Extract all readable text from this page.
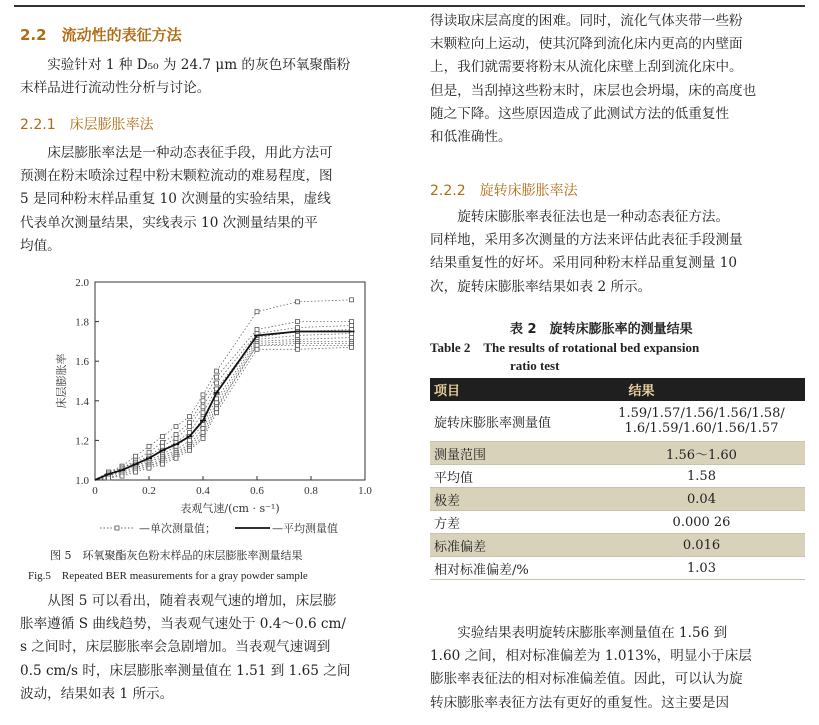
2.2　流动性的表征方法
实验针对 1 种 D₅₀ 为 24.7 μm 的灰色环氧聚酯粉
末样品进行流动性分析与讨论。
2.2.1　床层膨胀率法
床层膨胀率法是一种动态表征手段，用此方法可
预测在粉末喷涂过程中粉末颗粒流动的难易程度，图
5 是同种粉末样品重复 10 次测量的实验结果，虚线
代表单次测量结果，实线表示 10 次测量结果的平
均值。
0	0.2	0.4	0.6	0.8	1.0
1.0
1.2
1.4
1.6
1.8
2.0
表观气速/(cm · s⁻¹)
床层膨胀率
—单次测量值；	—平均测量值
图 5　环氧聚酯灰色粉末样品的床层膨胀率测量结果
Fig.5　Repeated BER measurements for a gray powder sample
从图 5 可以看出，随着表观气速的增加，床层膨
胀率遵循 S 曲线趋势，当表观气速处于 0.4～0.6 cm/
s 之间时，床层膨胀率会急剧增加。当表观气速调到
0.5 cm/s 时，床层膨胀率测量值在 1.51 到 1.65 之间
波动，结果如表 1 所示。
得读取床层高度的困难。同时，流化气体夹带一些粉
末颗粒向上运动，使其沉降到流化床内更高的内壁面
上，我们就需要将粉末从流化床壁上刮到流化床中。
但是，当刮掉这些粉末时，床层也会坍塌，床的高度也
随之下降。这些原因造成了此测试方法的低重复性
和低准确性。
2.2.2　旋转床膨胀率法
旋转床膨胀率表征法也是一种动态表征方法。
同样地，采用多次测量的方法来评估此表征手段测量
结果重复性的好坏。采用同种粉末样品重复测量 10
次，旋转床膨胀率结果如表 2 所示。
表 2　旋转床膨胀率的测量结果
Table 2　The results of rotational bed expansion
ratio test
项目	结果
旋转床膨胀率测量值	1.59/1.57/1.56/1.56/1.58/
1.6/1.59/1.60/1.56/1.57

测量范围	1.56～1.60

平均值	1.58

极差	0.04

方差	0.000 26

标准偏差	0.016

相对标准偏差/%	1.03
实验结果表明旋转床膨胀率测量值在 1.56 到
1.60 之间，相对标准偏差为 1.013%，明显小于床层
膨胀率表征法的相对标准偏差值。因此，可以认为旋
转床膨胀率表征方法有更好的重复性。这主要是因
